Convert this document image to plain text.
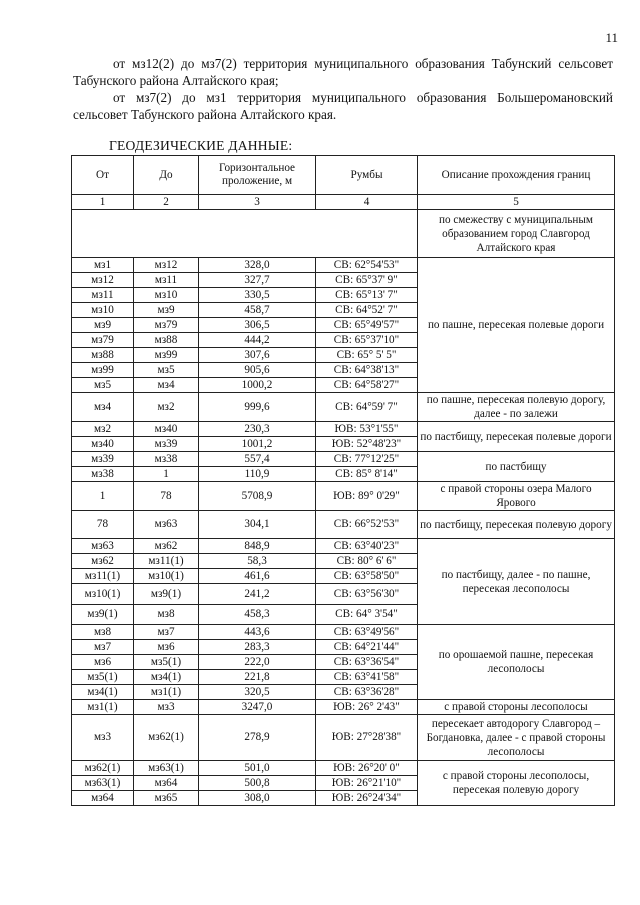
11
от мз12(2) до мз7(2) территория муниципального образования Табунский сельсовет Табунского района Алтайского края;
от мз7(2) до мз1 территория муниципального образования Большеромановский сельсовет Табунского района Алтайского края.
ГЕОДЕЗИЧЕСКИЕ ДАННЫЕ:
От	До	Горизонтальное проложение, м	Румбы	Описание прохождения границ
1	2	3	4	5
				по смежеству с муниципальным образованием город Славгород Алтайского края
мз1	мз12	328,0	СВ: 62°54'53"	по пашне, пересекая полевые дороги
мз12	мз11	327,7	СВ: 65°37' 9"	
мз11	мз10	330,5	СВ: 65°13' 7"	
мз10	мз9	458,7	СВ: 64°52' 7"	
мз9	мз79	306,5	СВ: 65°49'57"	
мз79	мз88	444,2	СВ: 65°37'10"	
мз88	мз99	307,6	СВ: 65° 5' 5"	
мз99	мз5	905,6	СВ: 64°38'13"	
мз5	мз4	1000,2	СВ: 64°58'27"	
мз4	мз2	999,6	СВ: 64°59' 7"	по пашне, пересекая полевую дорогу, далее - по залежи
мз2	мз40	230,3	ЮВ: 53°1'55"	по пастбищу, пересекая полевые дороги
мз40	мз39	1001,2	ЮВ: 52°48'23"	
мз39	мз38	557,4	СВ: 77°12'25"	по пастбищу
мз38	1	110,9	СВ: 85° 8'14"	
1	78	5708,9	ЮВ: 89° 0'29"	с правой стороны озера Малого Ярового
78	мз63	304,1	СВ: 66°52'53"	по пастбищу, пересекая полевую дорогу
мз63	мз62	848,9	СВ: 63°40'23"	по пастбищу, далее - по пашне, пересекая лесополосы
мз62	мз11(1)	58,3	СВ: 80° 6' 6"	
мз11(1)	мз10(1)	461,6	СВ: 63°58'50"	
мз10(1)	мз9(1)	241,2	СВ: 63°56'30"	
мз9(1)	мз8	458,3	СВ: 64° 3'54"	
мз8	мз7	443,6	СВ: 63°49'56"	по орошаемой пашне, пересекая лесополосы
мз7	мз6	283,3	СВ: 64°21'44"	
мз6	мз5(1)	222,0	СВ: 63°36'54"	
мз5(1)	мз4(1)	221,8	СВ: 63°41'58"	
мз4(1)	мз1(1)	320,5	СВ: 63°36'28"	
мз1(1)	мз3	3247,0	ЮВ: 26° 2'43"	с правой стороны лесополосы
мз3	мз62(1)	278,9	ЮВ: 27°28'38"	пересекает автодорогу Славгород – Богдановка, далее - с правой стороны лесополосы
мз62(1)	мз63(1)	501,0	ЮВ: 26°20' 0"	с правой стороны лесополосы, пересекая полевую дорогу
мз63(1)	мз64	500,8	ЮВ: 26°21'10"	
мз64	мз65	308,0	ЮВ: 26°24'34"	
